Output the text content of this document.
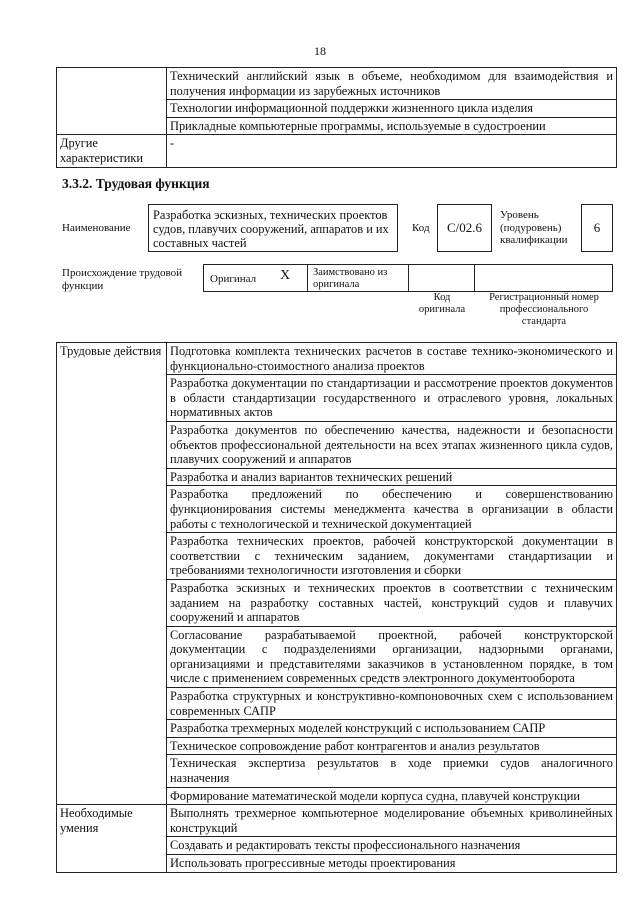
18
	Технический английский язык в объеме, необходимом для взаимодействия и получения информации из зарубежных источников
	Технологии информационной поддержки жизненного цикла изделия
	Прикладные компьютерные программы, используемые в судостроении
Другие характеристики	-
3.3.2. Трудовая функция
Наименование
Разработка эскизных, технических проектов судов, плавучих сооружений, аппаратов и их составных частей
Код	С/02.6
Уровень (подуровень) квалификации
6
Происхождение трудовой функции
Оригинал X Заимствовано из оригинала
Код оригинала
Регистрационный номер профессионального стандарта
Трудовые действия	Подготовка комплекта технических расчетов в составе технико-экономического и функционально-стоимостного анализа проектов
	Разработка документации по стандартизации и рассмотрение проектов документов в области стандартизации государственного и отраслевого уровня, локальных нормативных актов
	Разработка документов по обеспечению качества, надежности и безопасности объектов профессиональной деятельности на всех этапах жизненного цикла судов, плавучих сооружений и аппаратов
	Разработка и анализ вариантов технических решений
	Разработка предложений по обеспечению и совершенствованию функционирования системы менеджмента качества в организации в области работы с технологической и технической документацией
	Разработка технических проектов, рабочей конструкторской документации в соответствии с техническим заданием, документами стандартизации и требованиями технологичности изготовления и сборки
	Разработка эскизных и технических проектов в соответствии с техническим заданием на разработку составных частей, конструкций судов и плавучих сооружений и аппаратов
	Согласование разрабатываемой проектной, рабочей конструкторской документации с подразделениями организации, надзорными органами, организациями и представителями заказчиков в установленном порядке, в том числе с применением современных средств электронного документооборота
	Разработка структурных и конструктивно-компоновочных схем с использованием современных САПР
	Разработка трехмерных моделей конструкций с использованием САПР
	Техническое сопровождение работ контрагентов и анализ результатов
	Техническая экспертиза результатов в ходе приемки судов аналогичного назначения
	Формирование математической модели корпуса судна, плавучей конструкции
Необходимые умения	Выполнять трехмерное компьютерное моделирование объемных криволинейных конструкций
	Создавать и редактировать тексты профессионального назначения
	Использовать прогрессивные методы проектирования
